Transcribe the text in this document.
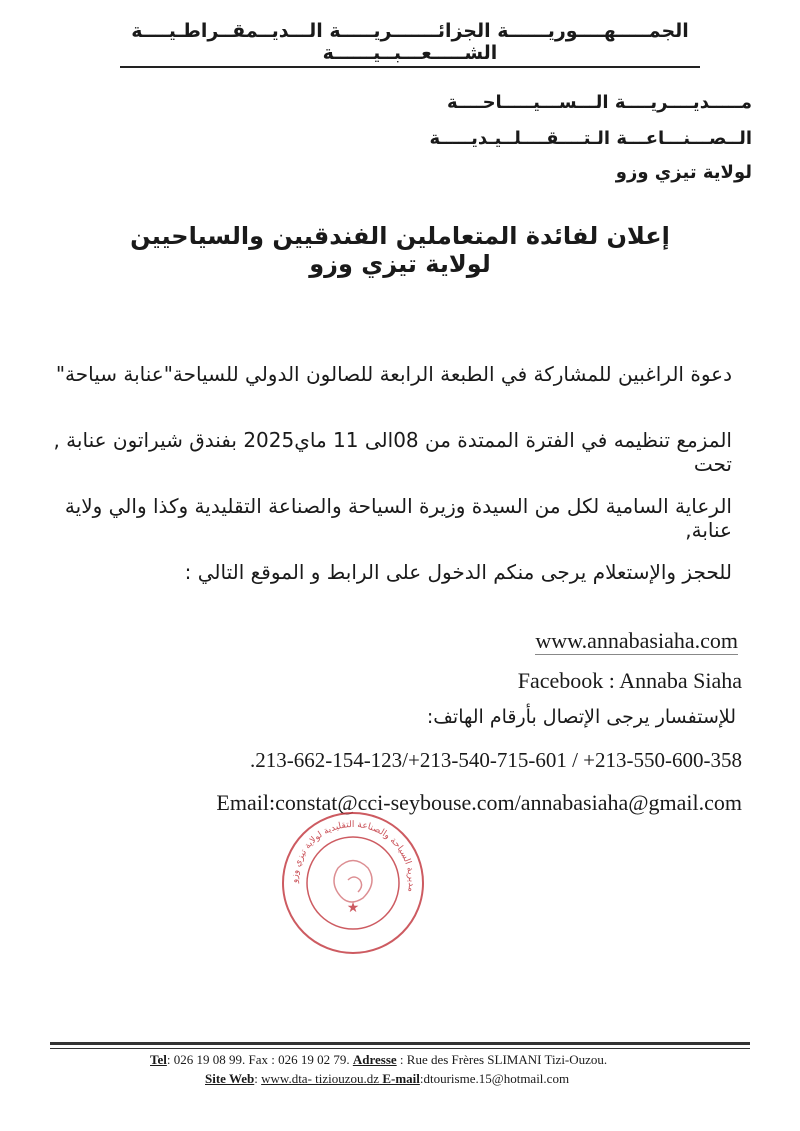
الجمـــــهــــوريــــــة الجزائـــــــريـــــة الـــديــمقــراطـيــــة الشـــــعـــبــيــــــة
مـــــديــــريــــة الـــســـيـــــاحــــة
الــصـــنـــاعـــة الـتــــقــــلــيـديـــــة
لولاية تيزي وزو
إعلان لفائدة المتعاملين الفندقيين والسياحيين لولاية تيزي وزو
دعوة الراغبين للمشاركة في الطبعة الرابعة للصالون الدولي للسياحة"عنابة سياحة"
المزمع تنظيمه في الفترة الممتدة من 08الى 11 ماي2025 بفندق شيراتون عنابة , تحت
الرعاية السامية لكل من السيدة وزيرة السياحة والصناعة التقليدية وكذا والي ولاية عنابة,
للحجز والإستعلام يرجى منكم الدخول على الرابط و الموقع التالي :
www.annabasiaha.com
Facebook : Annaba Siaha
للإستفسار يرجى الإتصال بأرقام الهاتف:
.213-662-154-123/+213-540-715-601 / +213-550-600-358
Email:constat@cci-seybouse.com/annabasiaha@gmail.com
مديرية السياحة والصناعة التقليدية لولاية تيزي وزو
★
Tel: 026 19 08 99. Fax : 026 19 02 79. Adresse : Rue des Frères SLIMANI Tizi-Ouzou.
Site Web: www.dta- tiziouzou.dz E-mail:dtourisme.15@hotmail.com
